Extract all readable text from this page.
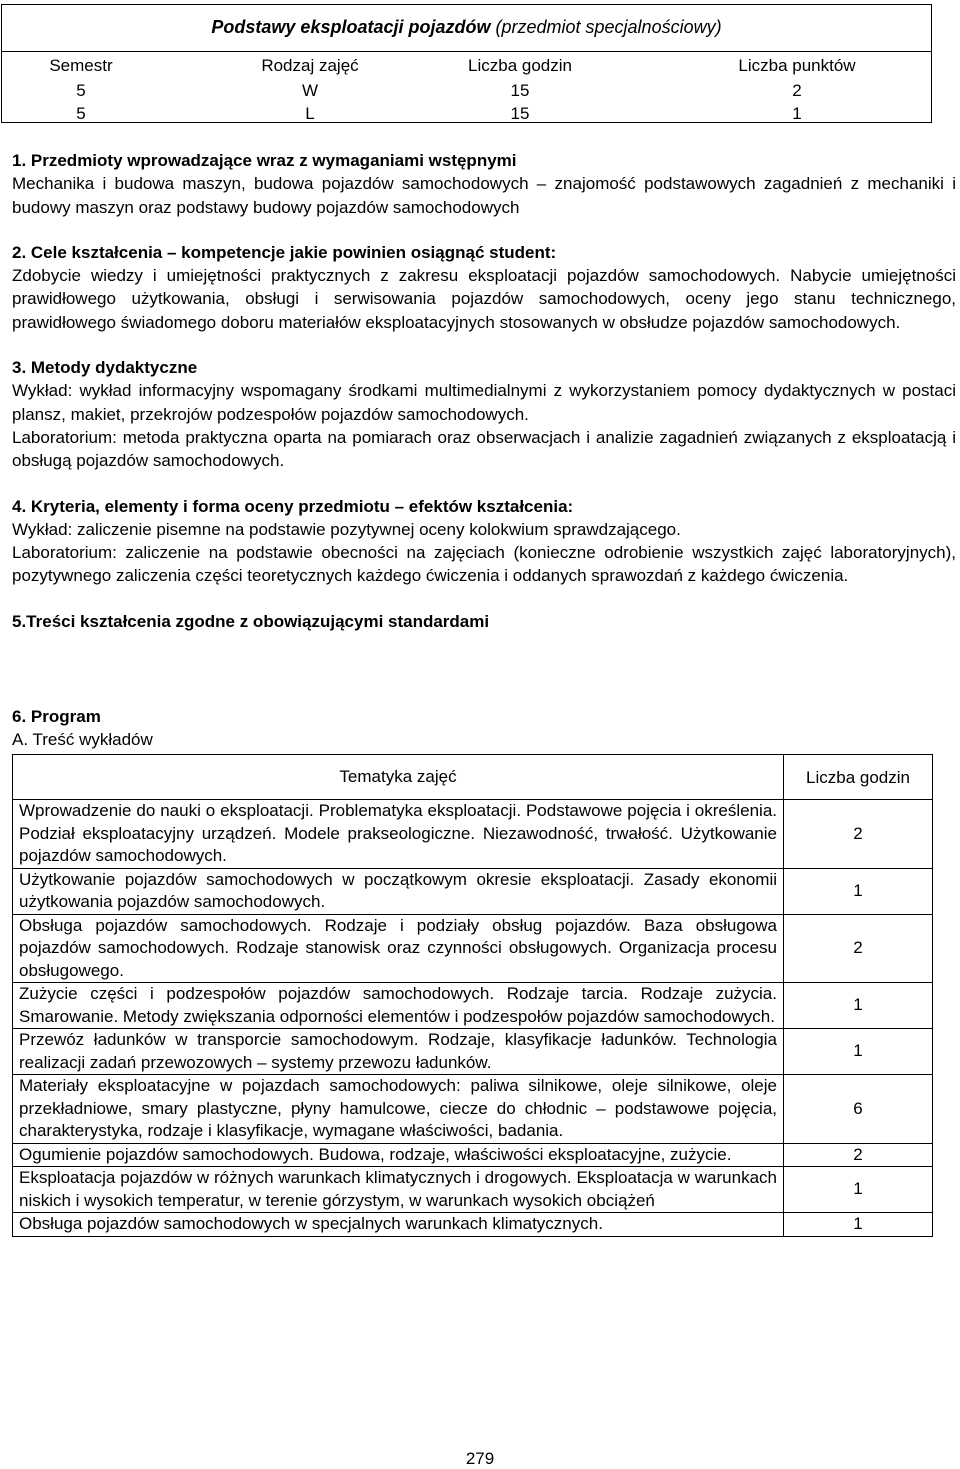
Podstawy eksploatacji pojazdów (przedmiot specjalnościowy)
Semestr	Rodzaj zajęć	Liczba godzin	Liczba punktów
5	W	15	2
5	L	15	1
1. Przedmioty wprowadzające wraz z wymaganiami wstępnymi

Mechanika i budowa maszyn, budowa pojazdów samochodowych – znajomość podstawowych zagadnień z mechaniki i budowy maszyn oraz podstawy budowy pojazdów samochodowych

2. Cele kształcenia – kompetencje jakie powinien osiągnąć student:

Zdobycie wiedzy i umiejętności praktycznych z zakresu eksploatacji pojazdów samochodowych. Nabycie umiejętności prawidłowego użytkowania, obsługi i serwisowania pojazdów samochodowych, oceny jego stanu technicznego, prawidłowego świadomego doboru materiałów eksploatacyjnych stosowanych w obsłudze pojazdów samochodowych.

3. Metody dydaktyczne

Wykład: wykład informacyjny wspomagany środkami multimedialnymi z wykorzystaniem pomocy dydaktycznych w postaci plansz, makiet, przekrojów podzespołów pojazdów samochodowych.

Laboratorium: metoda praktyczna oparta na pomiarach oraz obserwacjach i analizie zagadnień związanych z eksploatacją i obsługą pojazdów samochodowych.

4. Kryteria, elementy i forma oceny przedmiotu – efektów kształcenia:

Wykład: zaliczenie pisemne na podstawie pozytywnej oceny kolokwium sprawdzającego.

Laboratorium: zaliczenie na podstawie obecności na zajęciach (konieczne odrobienie wszystkich zajęć laboratoryjnych), pozytywnego zaliczenia części teoretycznych każdego ćwiczenia i oddanych sprawozdań z każdego ćwiczenia.

5.Treści kształcenia zgodne z obowiązującymi standardami
6. Program
A. Treść wykładów
Tematyka zajęć	Liczba godzin
Wprowadzenie do nauki o eksploatacji. Problematyka eksploatacji. Podstawowe pojęcia i określenia. Podział eksploatacyjny urządzeń. Modele prakseologiczne. Niezawodność, trwałość. Użytkowanie pojazdów samochodowych.	2
Użytkowanie pojazdów samochodowych w początkowym okresie eksploatacji. Zasady ekonomii użytkowania pojazdów samochodowych.	1
Obsługa pojazdów samochodowych. Rodzaje i podziały obsług pojazdów. Baza obsługowa pojazdów samochodowych. Rodzaje stanowisk oraz czynności obsługowych. Organizacja procesu obsługowego.	2
Zużycie części i podzespołów pojazdów samochodowych. Rodzaje tarcia. Rodzaje zużycia. Smarowanie. Metody zwiększania odporności elementów i podzespołów pojazdów samochodowych.	1
Przewóz ładunków w transporcie samochodowym. Rodzaje, klasyfikacje ładunków. Technologia realizacji zadań przewozowych – systemy przewozu ładunków.	1
Materiały eksploatacyjne w pojazdach samochodowych: paliwa silnikowe, oleje silnikowe, oleje przekładniowe, smary plastyczne, płyny hamulcowe, ciecze do chłodnic – podstawowe pojęcia, charakterystyka, rodzaje i klasyfikacje, wymagane właściwości, badania.	6
Ogumienie pojazdów samochodowych. Budowa, rodzaje, właściwości eksploatacyjne, zużycie.	2
Eksploatacja pojazdów w różnych warunkach klimatycznych i drogowych. Eksploatacja w warunkach niskich i wysokich temperatur, w terenie górzystym, w warunkach wysokich obciążeń	1
Obsługa pojazdów samochodowych w specjalnych warunkach klimatycznych.	1
279
